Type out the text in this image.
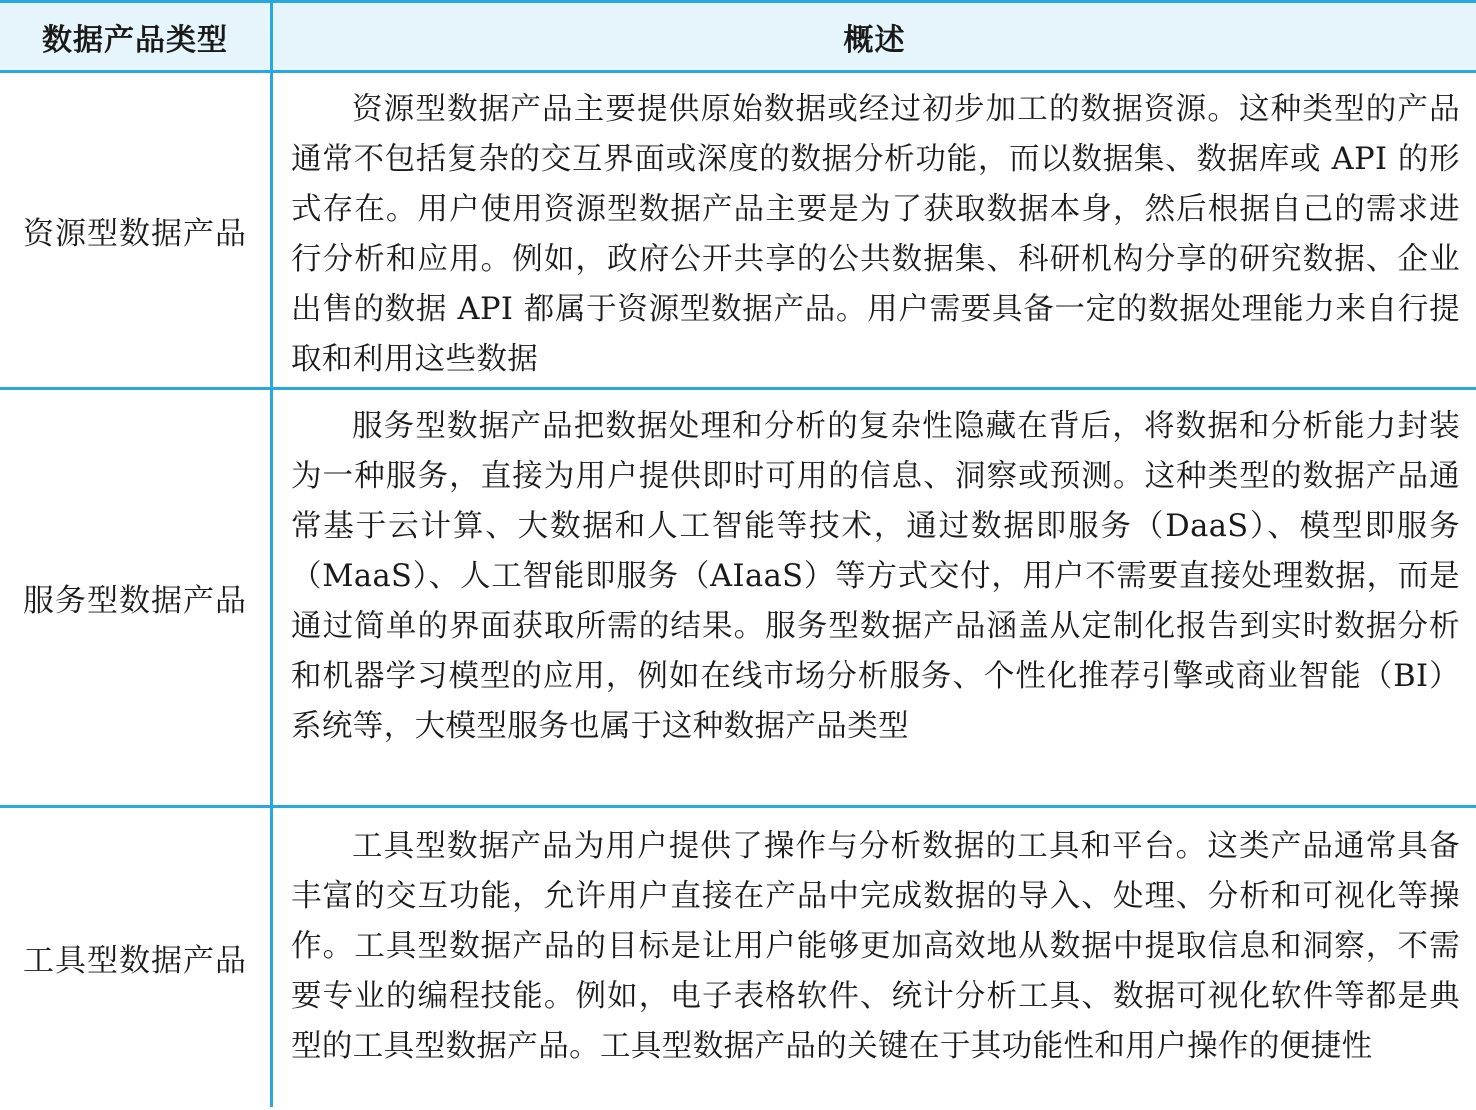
数据产品类型	概述
资源型数据产品

资源型数据产品主要提供原始数据或经过初步加工的数据资源。这种类型的产品通常不包括复杂的交互界面或深度的数据分析功能，而以数据集、数据库或 API 的形式存在。用户使用资源型数据产品主要是为了获取数据本身，然后根据自己的需求进行分析和应用。例如，政府公开共享的公共数据集、科研机构分享的研究数据、企业出售的数据 API 都属于资源型数据产品。用户需要具备一定的数据处理能力来自行提取和利用这些数据

服务型数据产品

服务型数据产品把数据处理和分析的复杂性隐藏在背后，将数据和分析能力封装为一种服务，直接为用户提供即时可用的信息、洞察或预测。这种类型的数据产品通常基于云计算、大数据和人工智能等技术，通过数据即服务（DaaS）、模型即服务（MaaS）、人工智能即服务（AIaaS）等方式交付，用户不需要直接处理数据，而是通过简单的界面获取所需的结果。服务型数据产品涵盖从定制化报告到实时数据分析和机器学习模型的应用，例如在线市场分析服务、个性化推荐引擎或商业智能（BI）系统等，大模型服务也属于这种数据产品类型

工具型数据产品

工具型数据产品为用户提供了操作与分析数据的工具和平台。这类产品通常具备丰富的交互功能，允许用户直接在产品中完成数据的导入、处理、分析和可视化等操作。工具型数据产品的目标是让用户能够更加高效地从数据中提取信息和洞察，不需要专业的编程技能。例如，电子表格软件、统计分析工具、数据可视化软件等都是典型的工具型数据产品。工具型数据产品的关键在于其功能性和用户操作的便捷性
